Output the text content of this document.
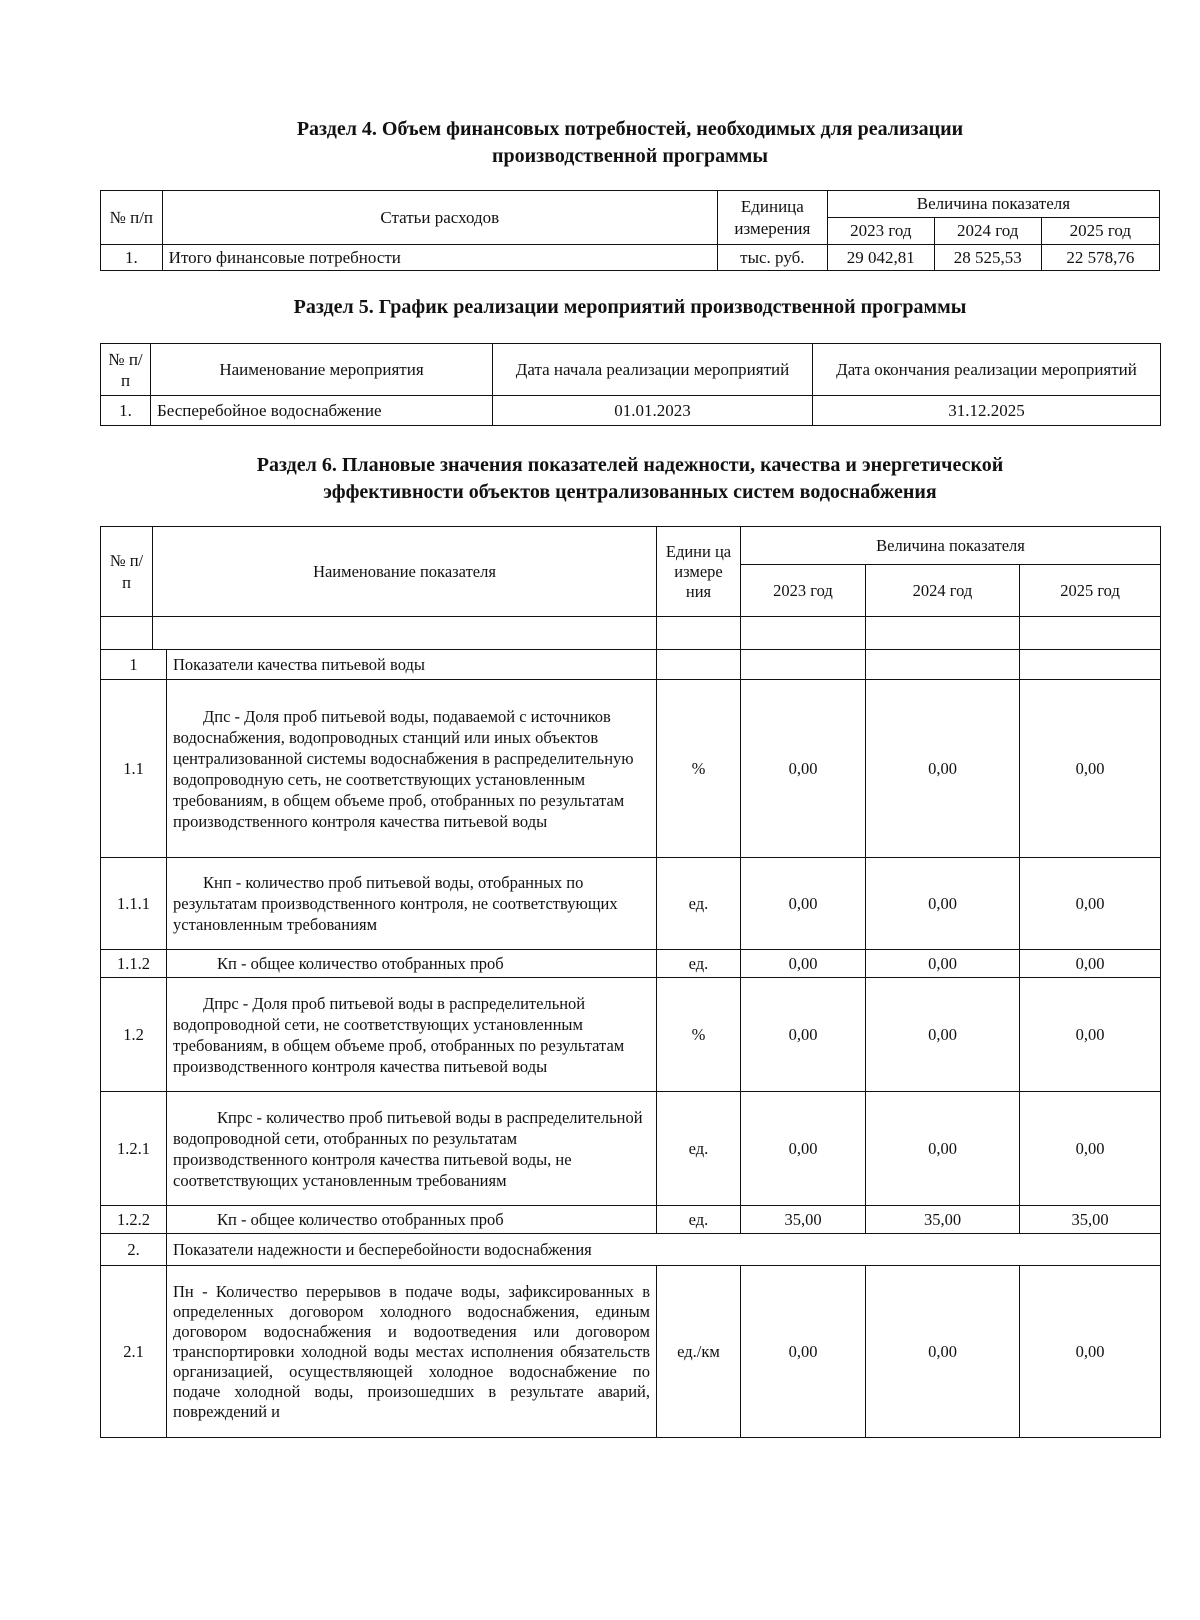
Раздел 4. Объем финансовых потребностей, необходимых для реализации
производственной программы
№ п/п	Статьи расходов	Единица измерения	Величина показателя		
			2023 год	2024 год	2025 год
1.	Итого финансовые потребности	тыс. руб.	29 042,81	28 525,53	22 578,76
Раздел 5. График реализации мероприятий производственной программы
№ п/п	Наименование мероприятия	Дата начала реализации мероприятий	Дата окончания реализации мероприятий
1.	Бесперебойное водоснабжение	01.01.2023	31.12.2025
Раздел 6. Плановые значения показателей надежности, качества и энергетической
эффективности объектов централизованных систем водоснабжения
№ п/п	Наименование показателя		Едини ца измере ния	Величина показателя		
				2023 год	2024 год	2025 год

1		Показатели качества питьевой воды				
1.1		Дпс - Доля проб питьевой воды, подаваемой с источников водоснабжения, водопроводных станций или иных объектов централизованной системы водоснабжения в распределительную водопроводную сеть, не соответствующих установленным требованиям, в общем объеме проб, отобранных по результатам производственного контроля качества питьевой воды	%	0,00	0,00	0,00
1.1.1		Кнп - количество проб питьевой воды, отобранных по результатам производственного контроля, не соответствующих установленным требованиям	ед.	0,00	0,00	0,00
1.1.2		Кп - общее количество отобранных проб	ед.	0,00	0,00	0,00
1.2		Дпрс - Доля проб питьевой воды в распределительной водопроводной сети, не соответствующих установленным требованиям, в общем объеме проб, отобранных по результатам производственного контроля качества питьевой воды	%	0,00	0,00	0,00
1.2.1		Кпрс - количество проб питьевой воды в распределительной водопроводной сети, отобранных по результатам производственного контроля качества питьевой воды, не соответствующих установленным требованиям	ед.	0,00	0,00	0,00
1.2.2		Кп - общее количество отобранных проб	ед.	35,00	35,00	35,00
2.		Показатели надежности и бесперебойности водоснабжения				
2.1		Пн - Количество перерывов в подаче воды, зафиксированных в определенных договором холодного водоснабжения, единым договором водоснабжения и водоотведения или договором транспортировки холодной воды местах исполнения обязательств организацией, осуществляющей холодное водоснабжение по подаче холодной воды, произошедших в результате аварий, повреждений и	ед./км	0,00	0,00	0,00
